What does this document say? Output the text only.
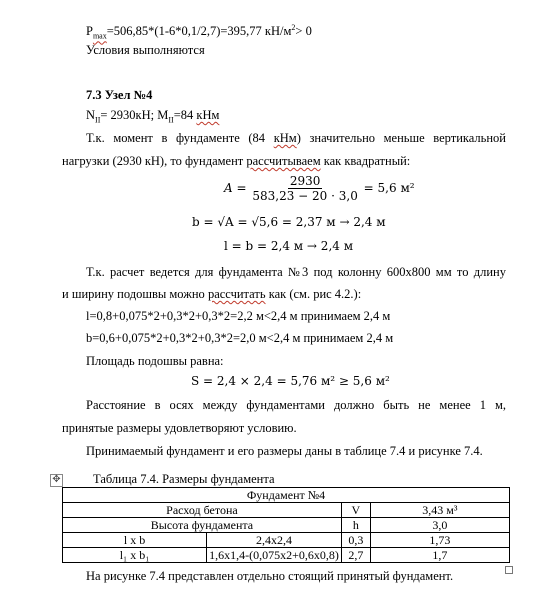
$P_{max}=506,85*(1-6*0,1/2,7)=395,77$ $кН/м^2> 0$
Условия выполняются
7.3 Узел №4
$N_{II}= 2930кН$; $M_{II}=84$ кНм
Т.к. момент в фундаменте (84 кНм) значительно меньше вертикальной
нагрузки (2930 кН), то фундамент рассчитываем как квадратный:
$A = \frac{2930}{583,23 - 20 \cdot 3,0} = 5,6$ м²
b = √A = √5,6 = 2,37 м → 2,4 м
l = b = 2,4 м → 2,4 м
Т.к. расчет ведется для фундамента №3 под колонну 600х800 мм то длину
и ширину подошвы можно рассчитать как (см. рис 4.2.):
l=0,8+0,075*2+0,3*2+0,3*2=2,2 м<2,4 м принимаем 2,4 м
b=0,6+0,075*2+0,3*2+0,3*2=2,0 м<2,4 м принимаем 2,4 м
Площадь подошвы равна:
S = 2,4 × 2,4 = 5,76 м² ≥ 5,6 м²
Расстояние в осях между фундаментами должно быть не менее 1 м,
принятые размеры удовлетворяют условию.
Принимаемый фундамент и его размеры даны в таблице 7.4 и рисунке 7.4.
✥	Таблица 7.4. Размеры фундамента
Фундамент №4			
Расход бетона		V	3,43 м³
Высота фундамента		h	3,0
l x b	2,4x2,4	0,3	1,73
l₁ x b₁	1,6x1,4-(0,075x2+0,6x0,8)	2,7	1,7
На рисунке 7.4 представлен отдельно стоящий принятый фундамент.
